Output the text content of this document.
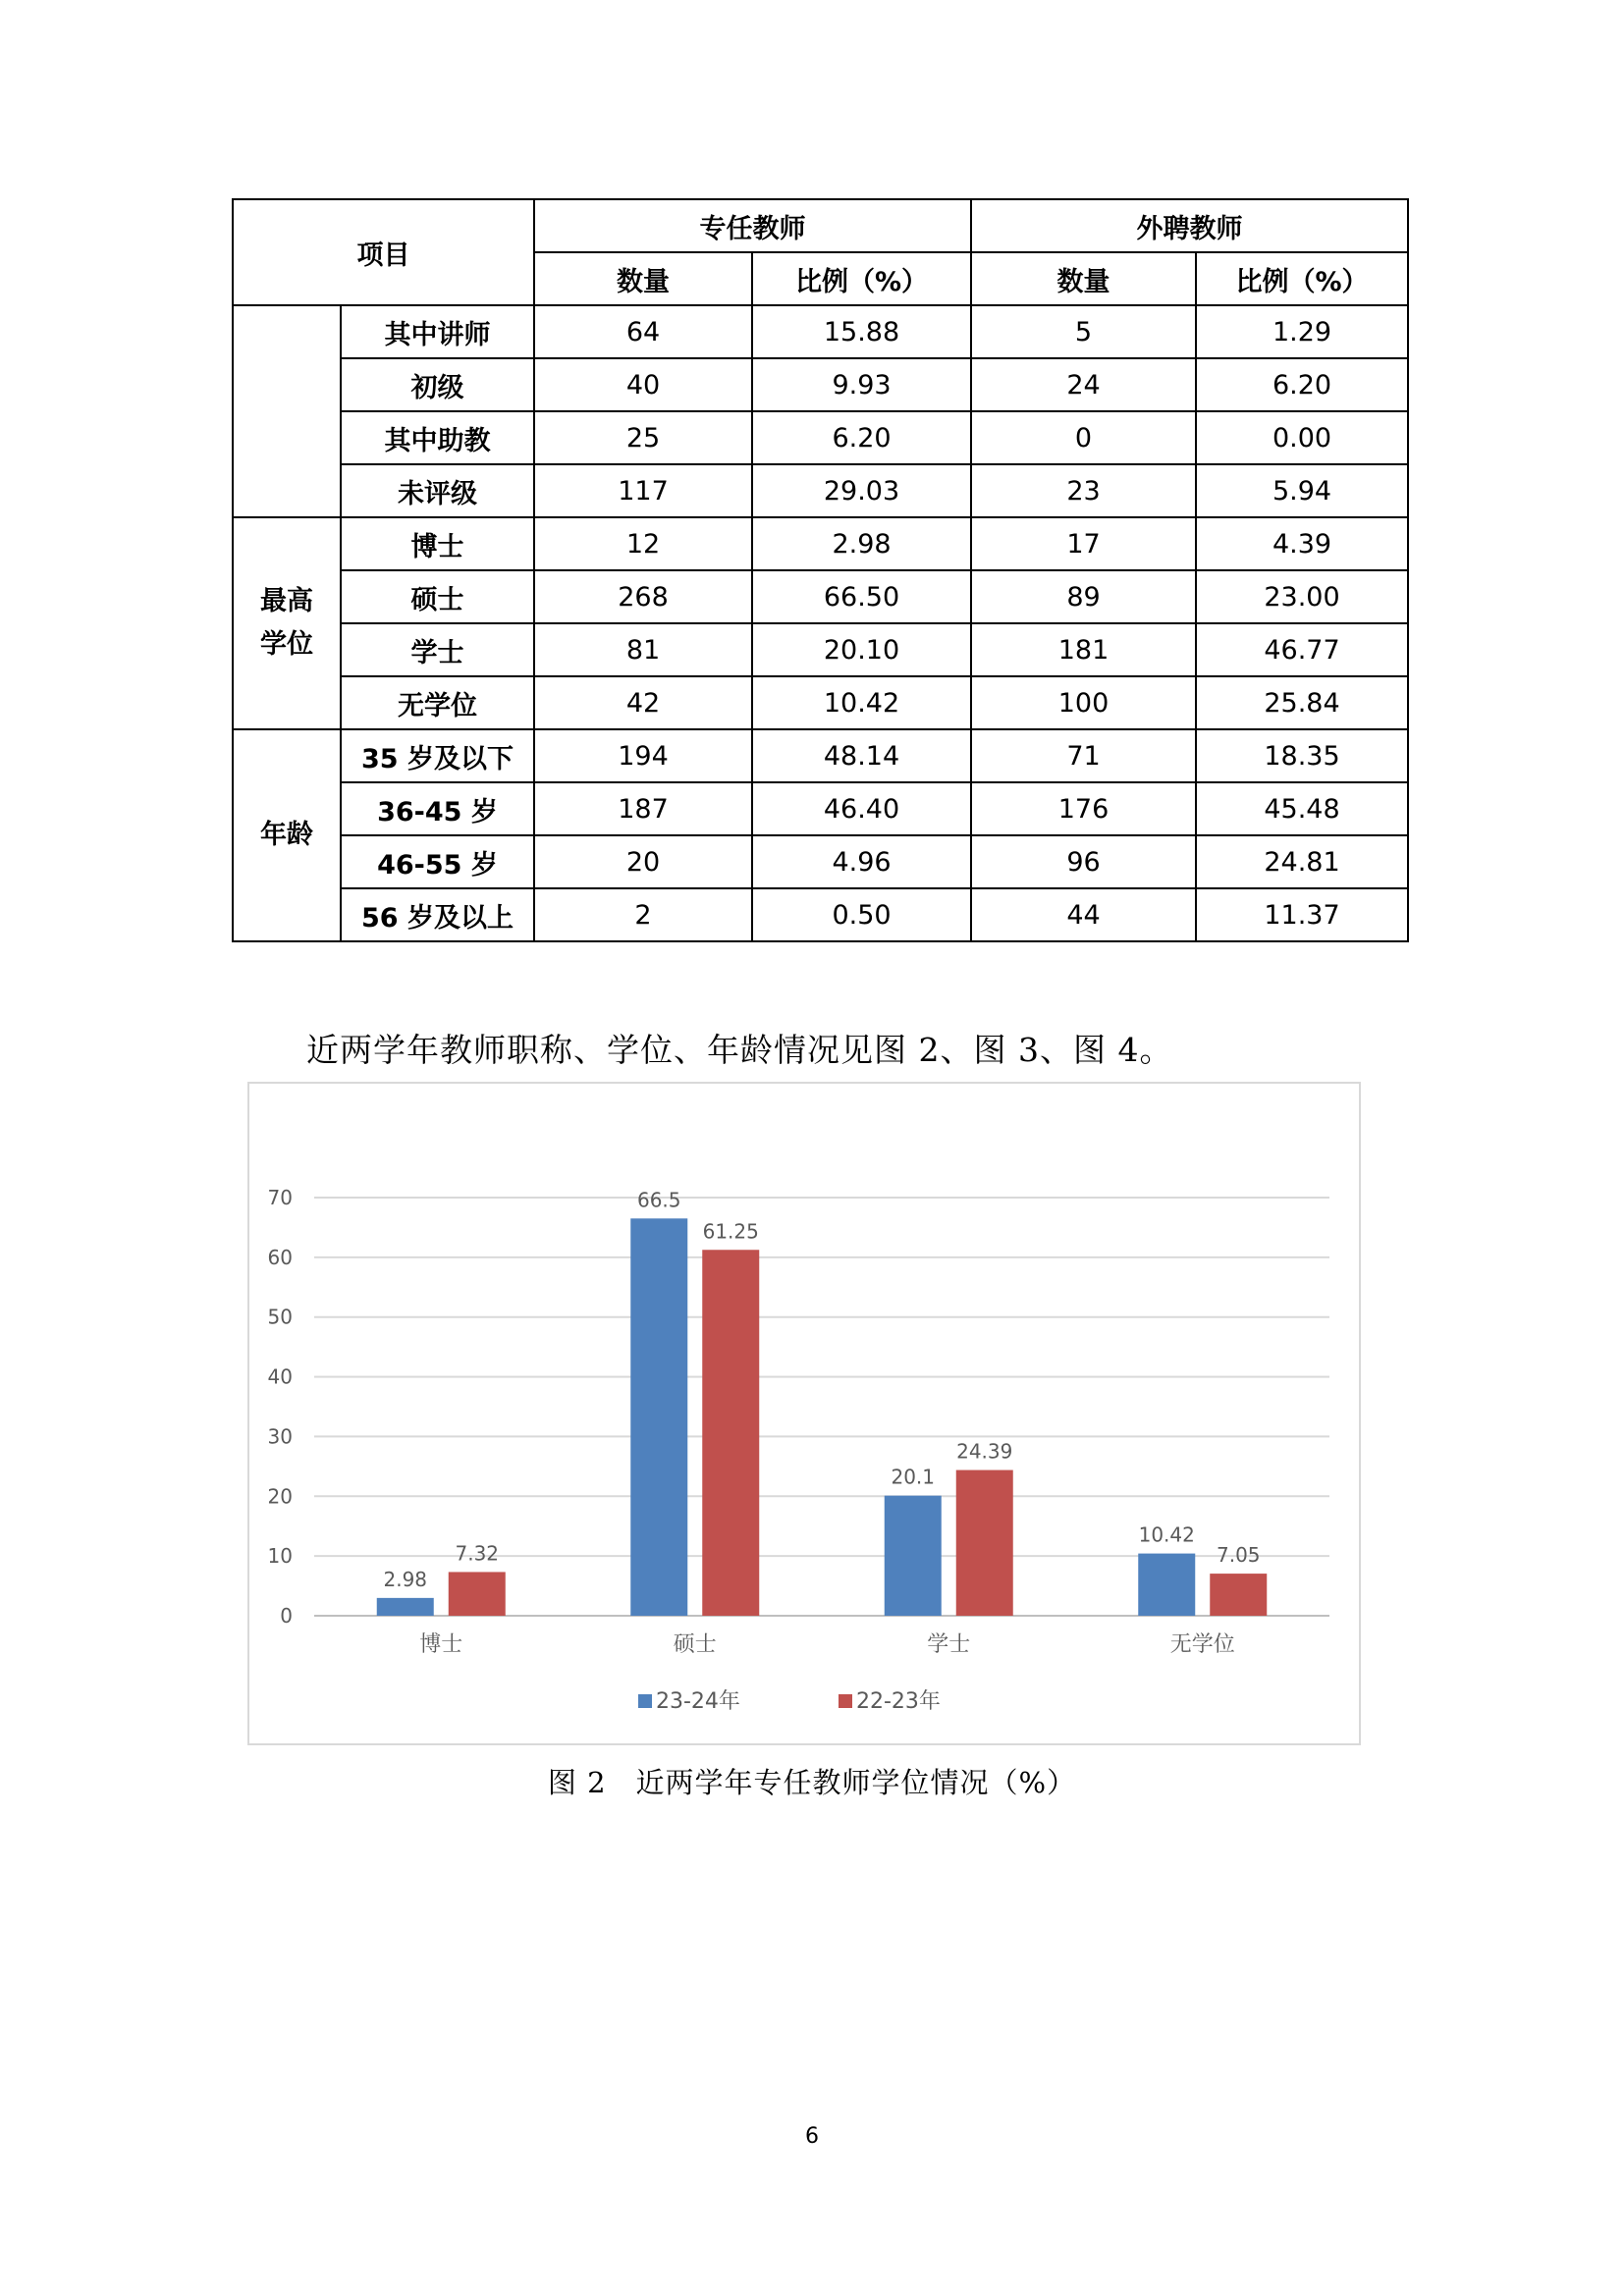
项目		专任教师		外聘教师	
		数量	比例（%）	数量	比例（%）
	其中讲师	64	15.88	5	1.29
	初级	40	9.93	24	6.20
	其中助教	25	6.20	0	0.00
	未评级	117	29.03	23	5.94

最高
学位	博士	12	2.98	17	4.39
	硕士	268	66.50	89	23.00
	学士	81	20.10	181	46.77
	无学位	42	10.42	100	25.84
年龄	35 岁及以下	194	48.14	71	18.35
	36-45 岁	187	46.40	176	45.48
	46-55 岁	20	4.96	96	24.81
	56 岁及以上	2	0.50	44	11.37
近两学年教师职称、学位、年龄情况见图 2、图 3、图 4。
0
10
20
30
40
50
60
70
2.98
7.32
博士
66.5
61.25
硕士
20.1
24.39
学士
10.42
7.05
无学位
23-24年	22-23年
图 2　近两学年专任教师学位情况（%）
6
